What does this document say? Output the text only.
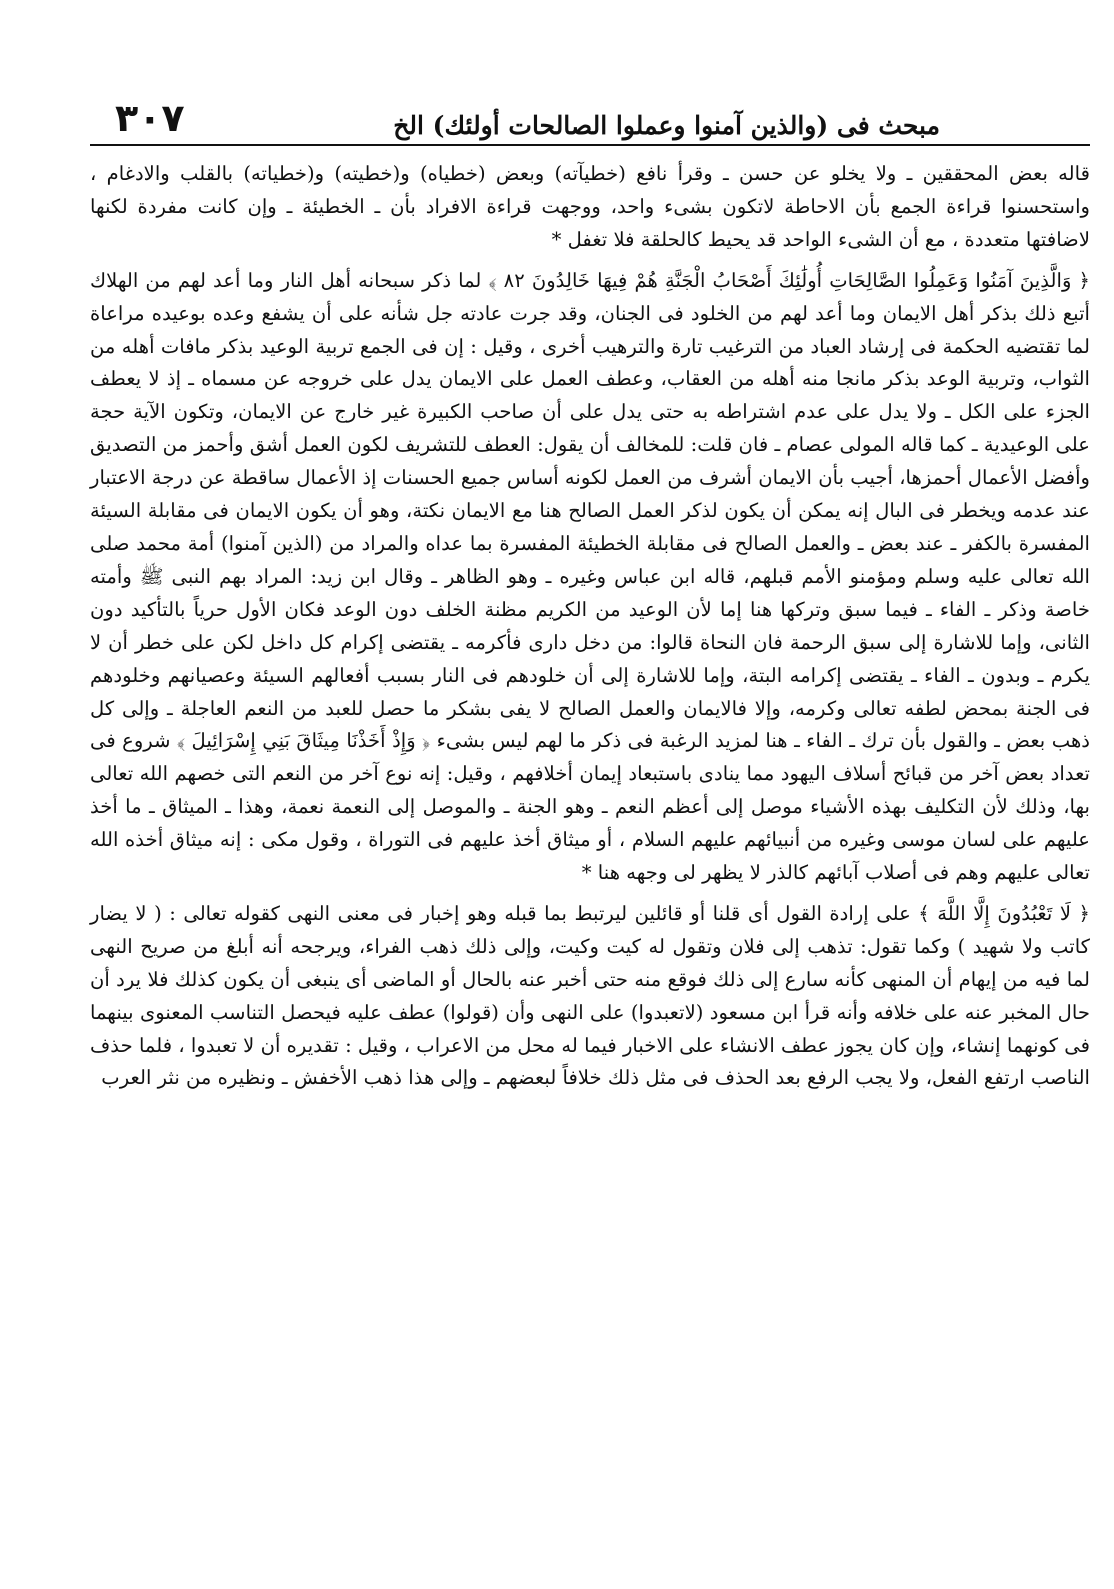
مبحث فى (والذين آمنوا وعملوا الصالحات أولئك) الخ
٣٠٧

قاله بعض المحققين ـ ولا يخلو عن حسن ـ وقرأ نافع (خطيآته) وبعض (خطياه) و(خطيته) و(خطياته) بالقلب والادغام ، واستحسنوا قراءة الجمع بأن الاحاطة لاتكون بشىء واحد، ووجهت قراءة الافراد بأن ـ الخطيئة ـ وإن كانت مفردة لكنها لاضافتها متعددة ، مع أن الشىء الواحد قد يحيط كالحلقة فلا تغفل *

﴿ وَالَّذِينَ آمَنُوا وَعَمِلُوا الصَّالِحَاتِ أُولَٰئِكَ أَصْحَابُ الْجَنَّةِ هُمْ فِيهَا خَالِدُونَ ٨٢ ﴾ لما ذكر سبحانه أهل النار وما أعد لهم من الهلاك أتبع ذلك بذكر أهل الايمان وما أعد لهم من الخلود فى الجنان، وقد جرت عادته جل شأنه على أن يشفع وعده بوعيده مراعاة لما تقتضيه الحكمة فى إرشاد العباد من الترغيب تارة والترهيب أخرى ، وقيل : إن فى الجمع تربية الوعيد بذكر مافات أهله من الثواب، وتربية الوعد بذكر مانجا منه أهله من العقاب، وعطف العمل على الايمان يدل على خروجه عن مسماه ـ إذ لا يعطف الجزء على الكل ـ ولا يدل على عدم اشتراطه به حتى يدل على أن صاحب الكبيرة غير خارج عن الايمان، وتكون الآية حجة على الوعيدية ـ كما قاله المولى عصام ـ فان قلت: للمخالف أن يقول: العطف للتشريف لكون العمل أشق وأحمز من التصديق وأفضل الأعمال أحمزها، أجيب بأن الايمان أشرف من العمل لكونه أساس جميع الحسنات إذ الأعمال ساقطة عن درجة الاعتبار عند عدمه ويخطر فى البال إنه يمكن أن يكون لذكر العمل الصالح هنا مع الايمان نكتة، وهو أن يكون الايمان فى مقابلة السيئة المفسرة بالكفر ـ عند بعض ـ والعمل الصالح فى مقابلة الخطيئة المفسرة بما عداه والمراد من (الذين آمنوا) أمة محمد صلى الله تعالى عليه وسلم ومؤمنو الأمم قبلهم، قاله ابن عباس وغيره ـ وهو الظاهر ـ وقال ابن زيد: المراد بهم النبى ﷺ وأمته خاصة وذكر ـ الفاء ـ فيما سبق وتركها هنا إما لأن الوعيد من الكريم مظنة الخلف دون الوعد فكان الأول حرياً بالتأكيد دون الثانى، وإما للاشارة إلى سبق الرحمة فان النحاة قالوا: من دخل دارى فأكرمه ـ يقتضى إكرام كل داخل لكن على خطر أن لا يكرم ـ وبدون ـ الفاء ـ يقتضى إكرامه البتة، وإما للاشارة إلى أن خلودهم فى النار بسبب أفعالهم السيئة وعصيانهم وخلودهم فى الجنة بمحض لطفه تعالى وكرمه، وإلا فالايمان والعمل الصالح لا يفى بشكر ما حصل للعبد من النعم العاجلة ـ وإلى كل ذهب بعض ـ والقول بأن ترك ـ الفاء ـ هنا لمزيد الرغبة فى ذكر ما لهم ليس بشىء ﴿ وَإِذْ أَخَذْنَا مِيثَاقَ بَنِي إِسْرَائِيلَ ﴾ شروع فى تعداد بعض آخر من قبائح أسلاف اليهود مما ينادى باستبعاد إيمان أخلافهم ، وقيل: إنه نوع آخر من النعم التى خصهم الله تعالى بها، وذلك لأن التكليف بهذه الأشياء موصل إلى أعظم النعم ـ وهو الجنة ـ والموصل إلى النعمة نعمة، وهذا ـ الميثاق ـ ما أخذ عليهم على لسان موسى وغيره من أنبيائهم عليهم السلام ، أو ميثاق أخذ عليهم فى التوراة ، وقول مكى : إنه ميثاق أخذه الله تعالى عليهم وهم فى أصلاب آبائهم كالذر لا يظهر لى وجهه هنا *

﴿ لَا تَعْبُدُونَ إِلَّا اللَّهَ ﴾ على إرادة القول أى قلنا أو قائلين ليرتبط بما قبله وهو إخبار فى معنى النهى كقوله تعالى : ( لا يضار كاتب ولا شهيد ) وكما تقول: تذهب إلى فلان وتقول له كيت وكيت، وإلى ذلك ذهب الفراء، ويرجحه أنه أبلغ من صريح النهى لما فيه من إيهام أن المنهى كأنه سارع إلى ذلك فوقع منه حتى أخبر عنه بالحال أو الماضى أى ينبغى أن يكون كذلك فلا يرد أن حال المخبر عنه على خلافه وأنه قرأ ابن مسعود (لاتعبدوا) على النهى وأن (قولوا) عطف عليه فيحصل التناسب المعنوى بينهما فى كونهما إنشاء، وإن كان يجوز عطف الانشاء على الاخبار فيما له محل من الاعراب ، وقيل : تقديره أن لا تعبدوا ، فلما حذف الناصب ارتفع الفعل، ولا يجب الرفع بعد الحذف فى مثل ذلك خلافاً لبعضهم ـ وإلى هذا ذهب الأخفش ـ ونظيره من نثر العرب
